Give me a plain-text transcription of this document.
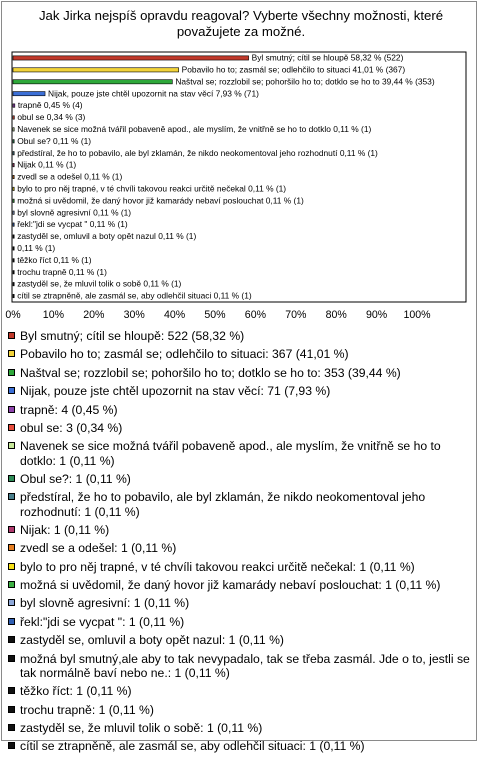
Jak Jirka nejspíš opravdu reagoval? Vyberte všechny možnosti, které považujete za možné.
Byl smutný; cítil se hloupě 58,32 % (522)
Pobavilo ho to; zasmál se; odlehčilo to situaci 41,01 % (367)
Naštval se; rozzlobil se; pohoršilo ho to; dotklo se ho to 39,44 % (353)
Nijak, pouze jste chtěl upozornit na stav věcí 7,93 % (71)
trapně 0,45 % (4)
obul se 0,34 % (3)
Navenek se sice možná tvářil pobaveně apod., ale myslím, že vnitřně se ho to dotklo 0,11 % (1)
Obul se? 0,11 % (1)
předstíral, že ho to pobavilo, ale byl zklamán, že nikdo neokomentoval jeho rozhodnutí 0,11 % (1)
Nijak 0,11 % (1)
zvedl se a odešel 0,11 % (1)
bylo to pro něj trapné, v té chvíli takovou reakci určitě nečekal 0,11 % (1)
možná si uvědomil, že daný hovor již kamarády nebaví poslouchat 0,11 % (1)
byl slovně agresivní 0,11 % (1)
řekl:"jdi se vycpat " 0,11 % (1)
zastyděl se, omluvil a boty opět nazul 0,11 % (1)
0,11 % (1)
těžko říct 0,11 % (1)
trochu trapně 0,11 % (1)
zastyděl se, že mluvil tolik o sobě 0,11 % (1)
cítil se ztrapněně, ale zasmál se, aby odlehčil situaci 0,11 % (1)
0% 10% 20% 30% 40% 50% 60% 70% 80% 90% 100%
Byl smutný; cítil se hloupě: 522 (58,32 %)
Pobavilo ho to; zasmál se; odlehčilo to situaci: 367 (41,01 %)
Naštval se; rozzlobil se; pohoršilo ho to; dotklo se ho to: 353 (39,44 %)
Nijak, pouze jste chtěl upozornit na stav věcí: 71 (7,93 %)
trapně: 4 (0,45 %)
obul se: 3 (0,34 %)
Navenek se sice možná tvářil pobaveně apod., ale myslím, že vnitřně se ho to dotklo: 1 (0,11 %)
Obul se?: 1 (0,11 %)
předstíral, že ho to pobavilo, ale byl zklamán, že nikdo neokomentoval jeho rozhodnutí: 1 (0,11 %)
Nijak: 1 (0,11 %)
zvedl se a odešel: 1 (0,11 %)
bylo to pro něj trapné, v té chvíli takovou reakci určitě nečekal: 1 (0,11 %)
možná si uvědomil, že daný hovor již kamarády nebaví poslouchat: 1 (0,11 %)
byl slovně agresivní: 1 (0,11 %)
řekl:"jdi se vycpat ": 1 (0,11 %)
zastyděl se, omluvil a boty opět nazul: 1 (0,11 %)
možná byl smutný,ale aby to tak nevypadalo, tak se třeba zasmál. Jde o to, jestli se tak normálně baví nebo ne.: 1 (0,11 %)
těžko říct: 1 (0,11 %)
trochu trapně: 1 (0,11 %)
zastyděl se, že mluvil tolik o sobě: 1 (0,11 %)
cítil se ztrapněně, ale zasmál se, aby odlehčil situaci: 1 (0,11 %)
